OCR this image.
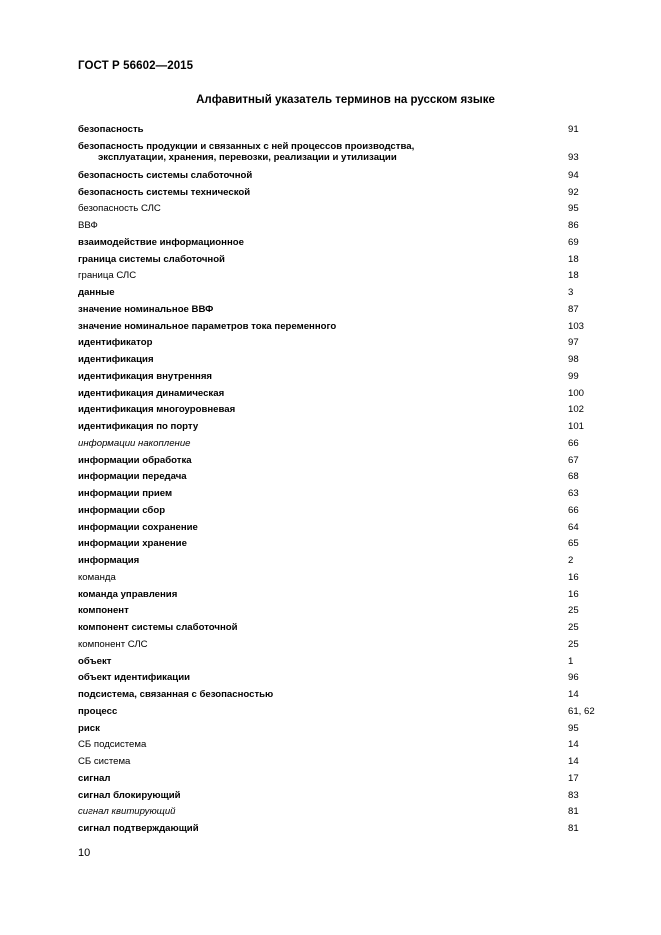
ГОСТ Р 56602—2015
Алфавитный указатель терминов на русском языке
безопасность	91
безопасность продукции и связанных с ней процессов производства,
эксплуатации, хранения, перевозки, реализации и утилизации	93
безопасность системы слаботочной	94
безопасность системы технической	92
безопасность СЛС	95
ВВФ	86
взаимодействие информационное	69
граница системы слаботочной	18
граница СЛС	18
данные	3
значение номинальное ВВФ	87
значение номинальное параметров тока переменного	103
идентификатор	97
идентификация	98
идентификация внутренняя	99
идентификация динамическая	100
идентификация многоуровневая	102
идентификация по порту	101
информации накопление	66
информации обработка	67
информации передача	68
информации прием	63
информации сбор	66
информации сохранение	64
информации хранение	65
информация	2
команда	16
команда управления	16
компонент	25
компонент системы слаботочной	25
компонент СЛС	25
объект	1
объект идентификации	96
подсистема, связанная с безопасностью	14
процесс	61, 62
риск	95
СБ подсистема	14
СБ система	14
сигнал	17
сигнал блокирующий	83
сигнал квитирующий	81
сигнал подтверждающий	81
10
